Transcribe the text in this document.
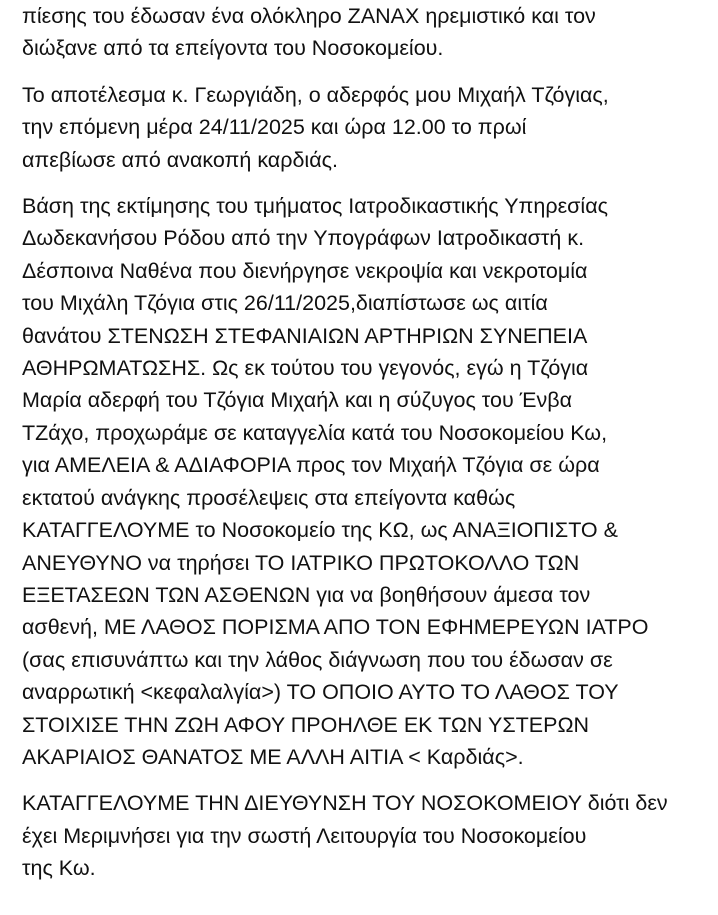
πίεσης του έδωσαν ένα ολόκληρο ZANAX ηρεμιστικό και τον
διώξανε από τα επείγοντα του Νοσοκομείου.
Το αποτέλεσμα κ. Γεωργιάδη, ο αδερφός μου Μιχαήλ Τζόγιας,
την επόμενη μέρα 24/11/2025 και ώρα 12.00 το πρωί
απεβίωσε από ανακοπή καρδιάς.
Βάση της εκτίμησης του τμήματος Ιατροδικαστικής Υπηρεσίας
Δωδεκανήσου Ρόδου από την Υπογράφων Ιατροδικαστή κ.
Δέσποινα Ναθένα που διενήργησε νεκροψία και νεκροτομία
του Μιχάλη Τζόγια στις 26/11/2025,διαπίστωσε ως αιτία
θανάτου ΣΤΕΝΩΣΗ ΣΤΕΦΑΝΙΑΙΩΝ ΑΡΤΗΡΙΩΝ ΣΥΝΕΠΕΙΑ
ΑΘΗΡΩΜΑΤΩΣΗΣ. Ως εκ τούτου του γεγονός, εγώ η Τζόγια
Μαρία αδερφή του Τζόγια Μιχαήλ και η σύζυγος του Ένβα
ΤΖάχο, προχωράμε σε καταγγελία κατά του Νοσοκομείου Κω,
για ΑΜΕΛΕΙΑ & ΑΔΙΑΦΟΡΙΑ προς τον Μιχαήλ Τζόγια σε ώρα
εκτατού ανάγκης προσέλεψεις στα επείγοντα καθώς
ΚΑΤΑΓΓΕΛΟΥΜΕ το Νοσοκομείο της ΚΩ, ως ΑΝΑΞΙΟΠΙΣΤΟ &
ΑΝΕΥΘΥΝΟ να τηρήσει ΤΟ ΙΑΤΡΙΚΟ ΠΡΩΤΟΚΟΛΛΟ ΤΩΝ
ΕΞΕΤΑΣΕΩΝ ΤΩΝ ΑΣΘΕΝΩΝ για να βοηθήσουν άμεσα τον
ασθενή, ΜΕ ΛΑΘΟΣ ΠΟΡΙΣΜΑ ΑΠΟ ΤΟΝ ΕΦΗΜΕΡΕΥΩΝ ΙΑΤΡΟ
(σας επισυνάπτω και την λάθος διάγνωση που του έδωσαν σε
αναρρωτική <κεφαλαλγία>) ΤΟ ΟΠΟΙΟ ΑΥΤΟ ΤΟ ΛΑΘΟΣ ΤΟΥ
ΣΤΟΙΧΙΣΕ ΤΗΝ ΖΩΗ ΑΦΟΥ ΠΡΟΗΛΘΕ ΕΚ ΤΩΝ ΥΣΤΕΡΩΝ
ΑΚΑΡΙΑΙΟΣ ΘΑΝΑΤΟΣ ΜΕ ΑΛΛΗ ΑΙΤΙΑ < Καρδιάς>.
ΚΑΤΑΓΓΕΛΟΥΜΕ ΤΗΝ ΔΙΕΥΘΥΝΣΗ ΤΟΥ ΝΟΣΟΚΟΜΕΙΟΥ διότι δεν
έχει Μεριμνήσει για την σωστή Λειτουργία του Νοσοκομείου
της Κω.
